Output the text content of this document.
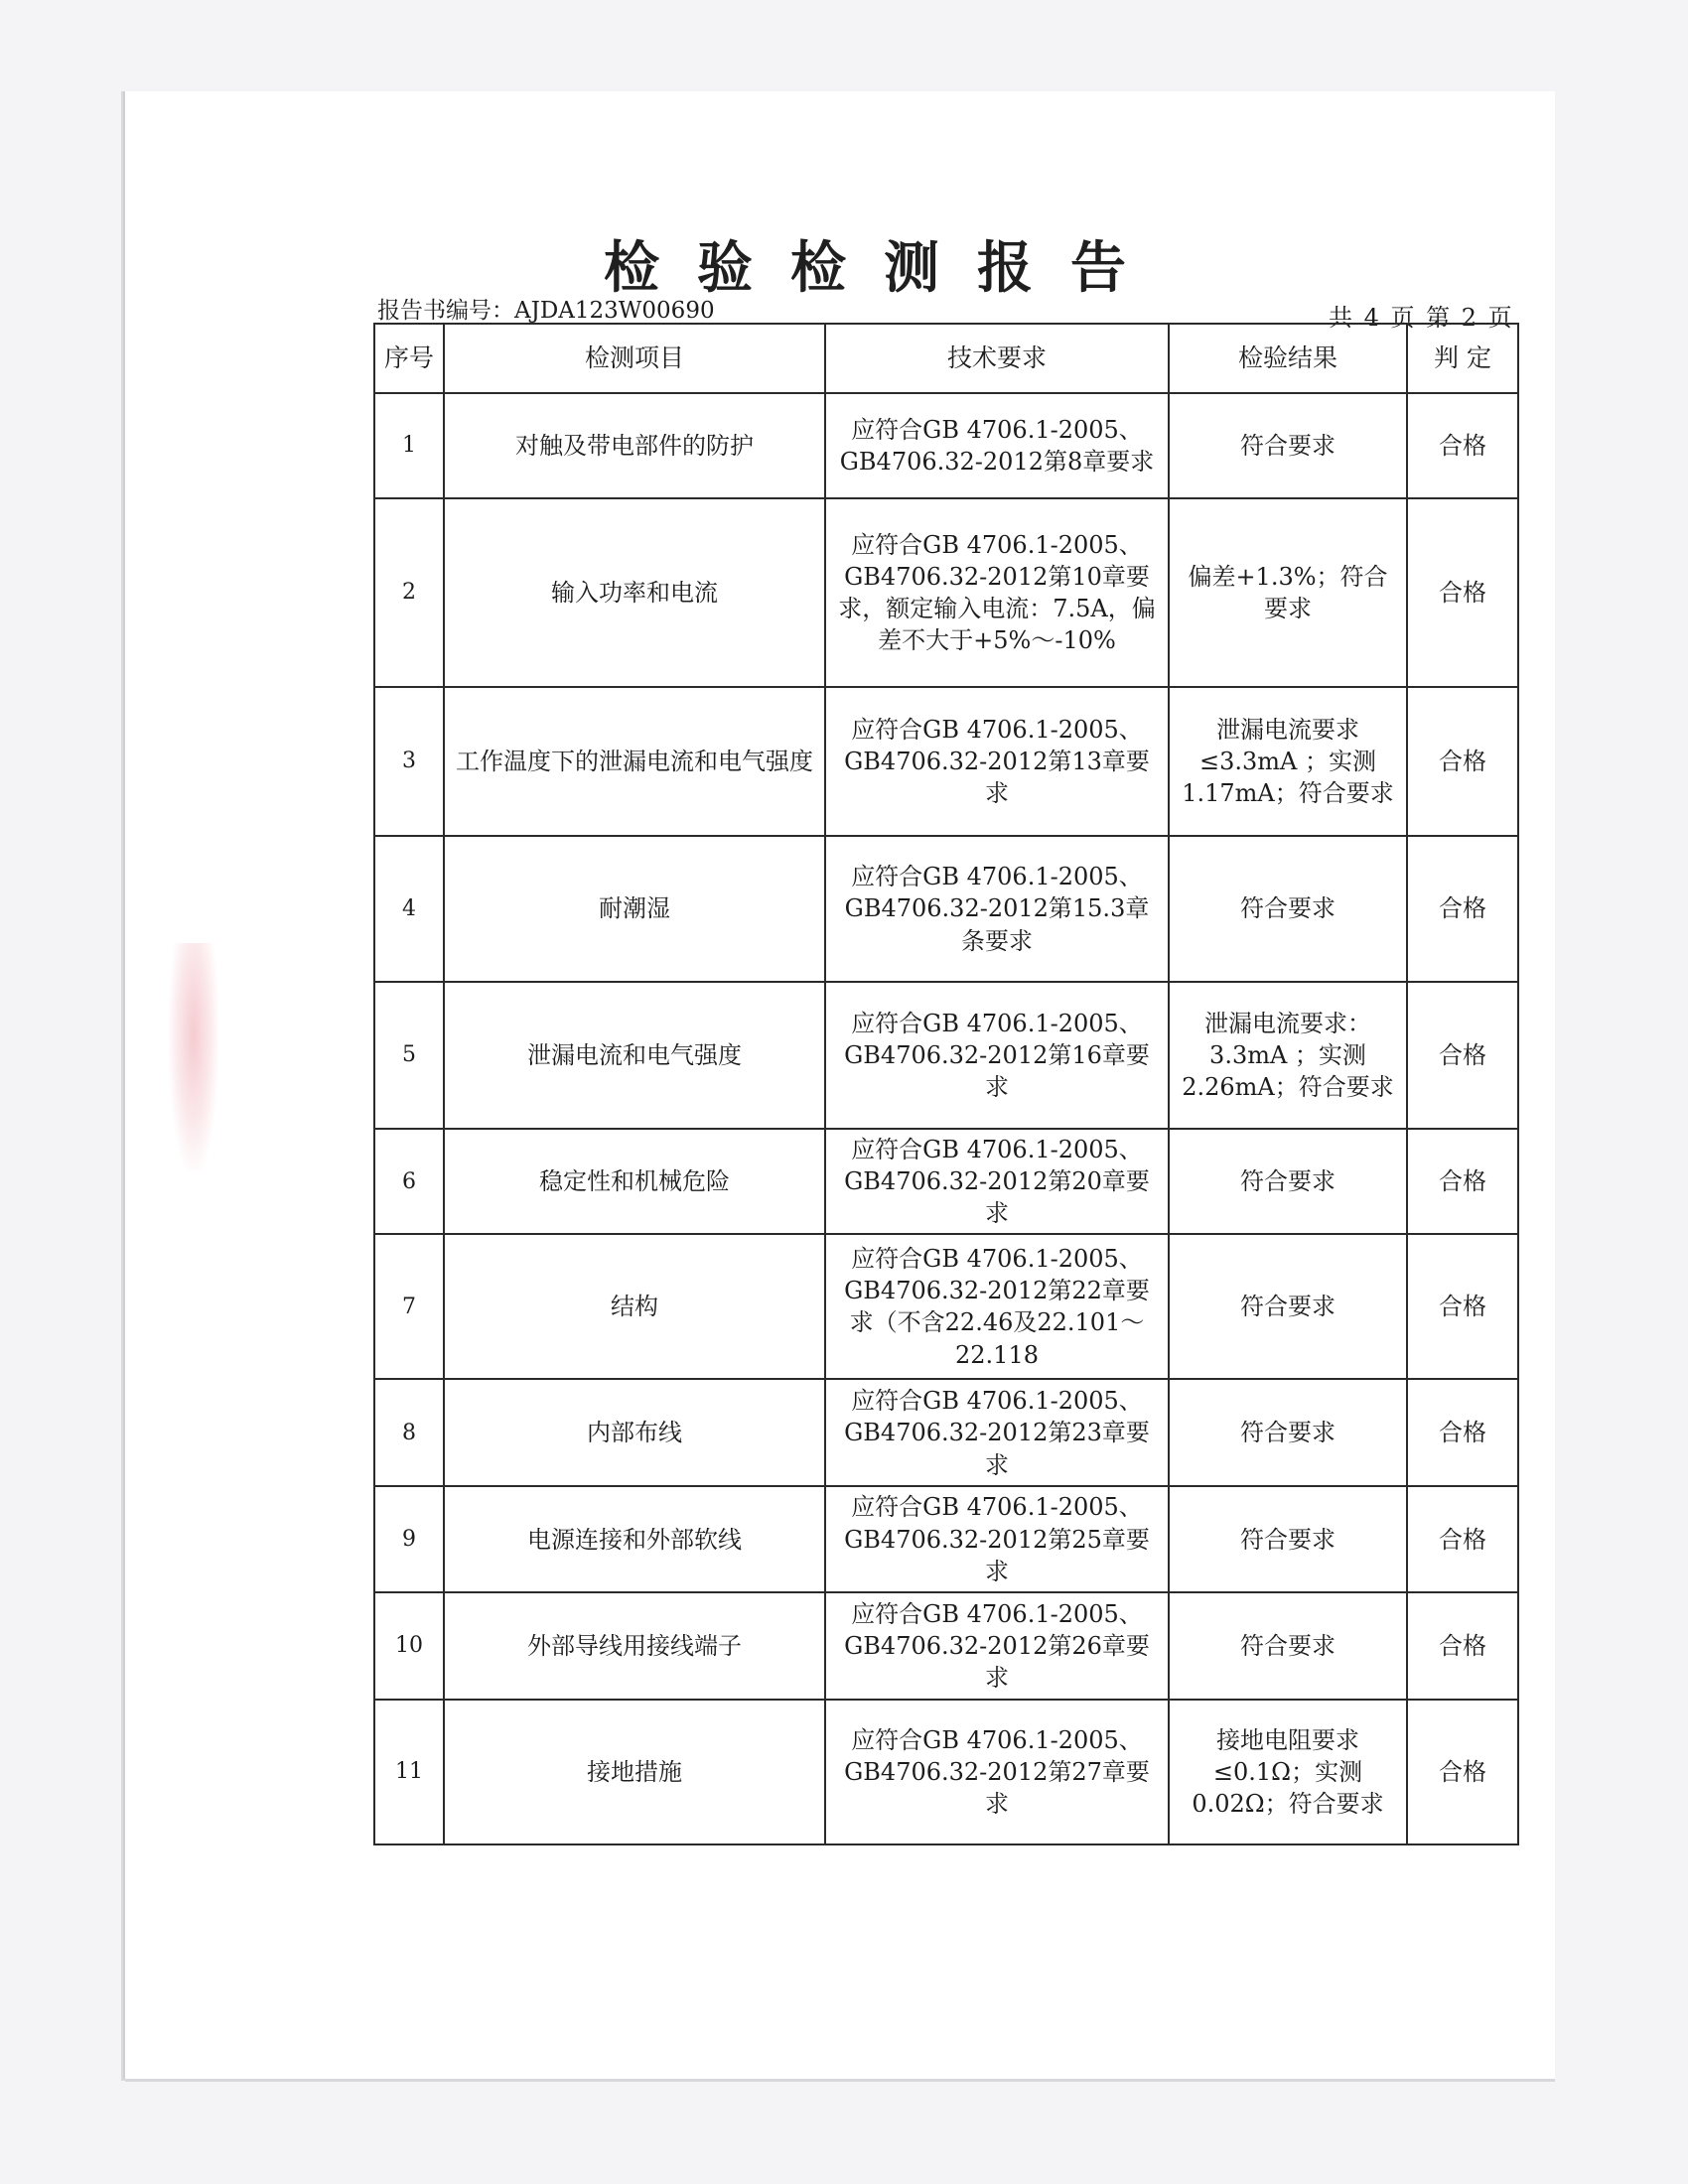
检验检测报告
报告书编号：AJDA123W00690	共 4 页 第 2 页
序号	检测项目	技术要求	检验结果	判 定
1	对触及带电部件的防护	应符合GB 4706.1-2005、GB4706.32-2012第8章要求	符合要求	合格
2	输入功率和电流	应符合GB 4706.1-2005、GB4706.32-2012第10章要求，额定输入电流：7.5A，偏差不大于+5%～-10%	偏差+1.3%；符合要求	合格
3	工作温度下的泄漏电流和电气强度	应符合GB 4706.1-2005、GB4706.32-2012第13章要求	泄漏电流要求≤3.3mA ；实测1.17mA；符合要求	合格
4	耐潮湿	应符合GB 4706.1-2005、GB4706.32-2012第15.3章条要求	符合要求	合格
5	泄漏电流和电气强度	应符合GB 4706.1-2005、GB4706.32-2012第16章要求	泄漏电流要求：3.3mA ；实测2.26mA；符合要求	合格
6	稳定性和机械危险	应符合GB 4706.1-2005、GB4706.32-2012第20章要求	符合要求	合格
7	结构	应符合GB 4706.1-2005、GB4706.32-2012第22章要求（不含22.46及22.101～22.118	符合要求	合格
8	内部布线	应符合GB 4706.1-2005、GB4706.32-2012第23章要求	符合要求	合格
9	电源连接和外部软线	应符合GB 4706.1-2005、GB4706.32-2012第25章要求	符合要求	合格
10	外部导线用接线端子	应符合GB 4706.1-2005、GB4706.32-2012第26章要求	符合要求	合格
11	接地措施	应符合GB 4706.1-2005、GB4706.32-2012第27章要求	接地电阻要求≤0.1Ω；实测0.02Ω；符合要求	合格
